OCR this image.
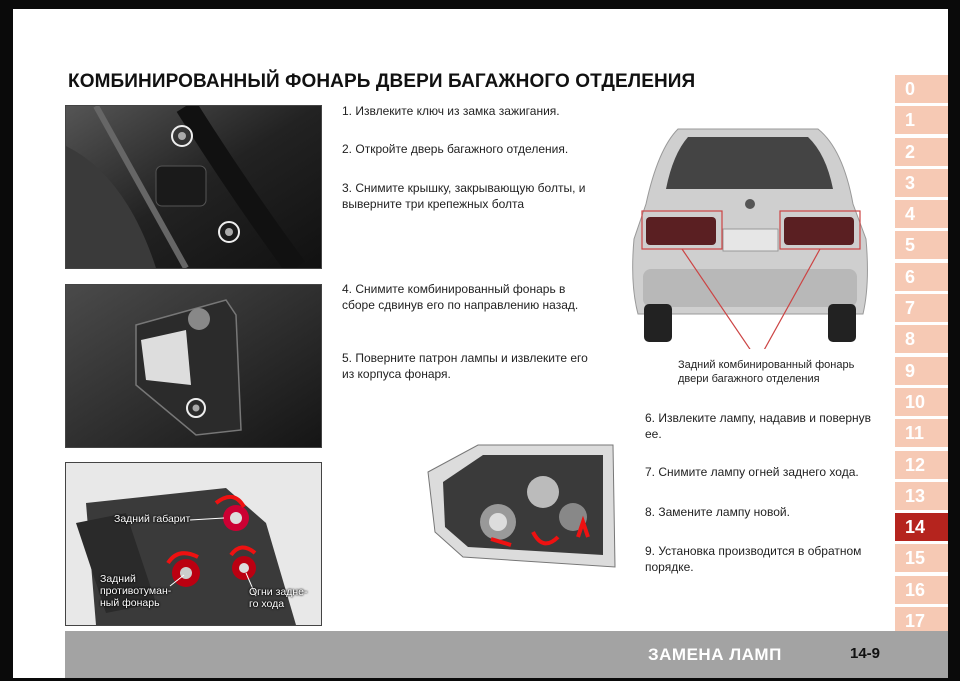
КОМБИНИРОВАННЫЙ ФОНАРЬ ДВЕРИ БАГАЖНОГО ОТДЕЛЕНИЯ
Задний габарит
Задний
противотуман-
ный фонарь
Огни задне-
го хода
1. Извлеките ключ из замка зажигания.
2. Откройте дверь багажного отделения.
3. Снимите крышку, закрывающую болты, и выверните три крепежных болта
4. Снимите комбинированный фонарь в сборе сдвинув его по направлению назад.
5. Поверните патрон лампы и извлеките его из корпуса фонаря.
Задний комбинированный фонарь
двери багажного отделения
6. Извлеките лампу, надавив и повернув ее.
7. Снимите лампу огней заднего хода.
8. Замените лампу новой.
9. Установка производится в обратном порядке.
0
1
2
3
4
5
6
7
8
9
10
11
12
13
14
15
16
17
ЗАМЕНА ЛАМП	14-9
